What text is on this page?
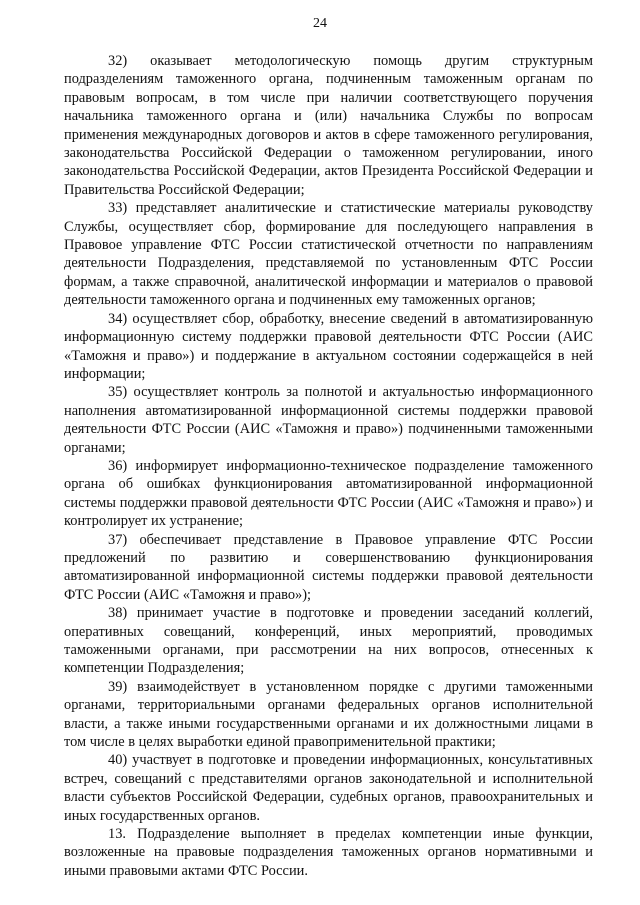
24

32) оказывает методологическую помощь другим структурным подразделениям таможенного органа, подчиненным таможенным органам по правовым вопросам, в том числе при наличии соответствующего поручения начальника таможенного органа и (или) начальника Службы по вопросам применения международных договоров и актов в сфере таможенного регулирования, законодательства Российской Федерации о таможенном регулировании, иного законодательства Российской Федерации, актов Президента Российской Федерации и Правительства Российской Федерации;

33) представляет аналитические и статистические материалы руководству Службы, осуществляет сбор, формирование для последующего направления в Правовое управление ФТС России статистической отчетности по направлениям деятельности Подразделения, представляемой по установленным ФТС России формам, а также справочной, аналитической информации и материалов о правовой деятельности таможенного органа и подчиненных ему таможенных органов;

34) осуществляет сбор, обработку, внесение сведений в автоматизированную информационную систему поддержки правовой деятельности ФТС России (АИС «Таможня и право») и поддержание в актуальном состоянии содержащейся в ней информации;

35) осуществляет контроль за полнотой и актуальностью информационного наполнения автоматизированной информационной системы поддержки правовой деятельности ФТС России (АИС «Таможня и право») подчиненными таможенными органами;

36) информирует информационно-техническое подразделение таможенного органа об ошибках функционирования автоматизированной информационной системы поддержки правовой деятельности ФТС России (АИС «Таможня и право») и контролирует их устранение;

37) обеспечивает представление в Правовое управление ФТС России предложений по развитию и совершенствованию функционирования автоматизированной информационной системы поддержки правовой деятельности ФТС России (АИС «Таможня и право»);

38) принимает участие в подготовке и проведении заседаний коллегий, оперативных совещаний, конференций, иных мероприятий, проводимых таможенными органами, при рассмотрении на них вопросов, отнесенных к компетенции Подразделения;

39) взаимодействует в установленном порядке с другими таможенными органами, территориальными органами федеральных органов исполнительной власти, а также иными государственными органами и их должностными лицами в том числе в целях выработки единой правоприменительной практики;

40) участвует в подготовке и проведении информационных, консультативных встреч, совещаний с представителями органов законодательной и исполнительной власти субъектов Российской Федерации, судебных органов, правоохранительных и иных государственных органов.

13. Подразделение выполняет в пределах компетенции иные функции, возложенные на правовые подразделения таможенных органов нормативными и иными правовыми актами ФТС России.
